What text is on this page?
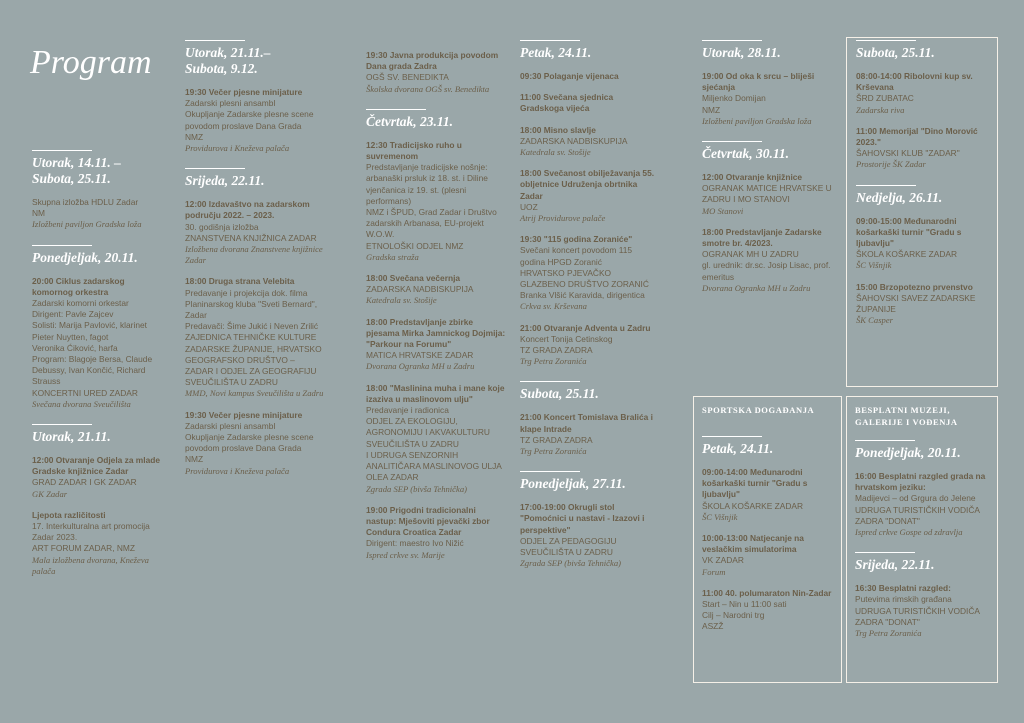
Program
Utorak, 14.11. –
Subota, 25.11.
Skupna izložba HDLU Zadar
NM
Izložbeni paviljon Gradska loža
Ponedjeljak, 20.11.
20:00 Ciklus zadarskog komornog orkestra
Zadarski komorni orkestar
Dirigent: Pavle Zajcev
Solisti: Marija Pavlović, klarinet
Pieter Nuytten, fagot
Veronika Ćiković, harfa
Program: Blagoje Bersa, Claude Debussy, Ivan Končić, Richard Strauss
KONCERTNI URED ZADAR
Svečana dvorana Sveučilišta
Utorak, 21.11.
12:00 Otvaranje Odjela za mlade Gradske knjižnice Zadar
GRAD ZADAR I GK ZADAR
GK Zadar
Ljepota različitosti
17. Interkulturalna art promocija Zadar 2023.
ART FORUM ZADAR, NMZ
Mala izložbena dvorana, Kneževa palača
Utorak, 21.11.–
Subota, 9.12.
19:30 Večer pjesne minijature
Zadarski plesni ansambl
Okupljanje Zadarske plesne scene povodom proslave Dana Grada
NMZ
Providurova i Kneževa palača
Srijeda, 22.11.
12:00 Izdavaštvo na zadarskom području 2022. – 2023.
30. godišnja izložba
ZNANSTVENA KNJIŽNICA ZADAR
Izložbena dvorana Znanstvene knjižnice Zadar
18:00 Druga strana Velebita
Predavanje i projekcija dok. filma Planinarskog kluba "Sveti Bernard", Zadar
Predavači: Šime Jukić i Neven Zrilić
ZAJEDNICA TEHNIČKE KULTURE ZADARSKE ŽUPANIJE, HRVATSKO GEOGRAFSKO DRUŠTVO – ZADAR I ODJEL ZA GEOGRAFIJU SVEUČILIŠTA U ZADRU
MMD, Novi kampus Sveučilišta u Zadru
19:30 Večer pjesne minijature
Zadarski plesni ansambl
Okupljanje Zadarske plesne scene povodom proslave Dana Grada
NMZ
Providurova i Kneževa palača
19:30 Javna produkcija povodom Dana grada Zadra
OGŠ SV. BENEDIKTA
Školska dvorana OGŠ sv. Benedikta
Četvrtak, 23.11.
12:30 Tradicijsko ruho u suvremenom
Predstavljanje tradicijske nošnje: arbanaški prsluk iz 18. st. i Diline vjenčanica iz 19. st. (plesni performans)
NMZ i ŠPUD, Grad Zadar i Društvo zadarskih Arbanasa, EU-projekt W.O.W.
ETNOLOŠKI ODJEL NMZ
Gradska straža
18:00 Svečana večernja
ZADARSKA NADBISKUPIJA
Katedrala sv. Stošije
18:00 Predstavljanje zbirke pjesama Mirka Jamnickog Dojmija: "Parkour na Forumu"
MATICA HRVATSKE ZADAR
Dvorana Ogranka MH u Zadru
18:00 "Maslinina muha i mane koje izaziva u maslinovom ulju"
Predavanje i radionica
ODJEL ZA EKOLOGIJU, AGRONOMIJU I AKVAKULTURU SVEUČILIŠTA U ZADRU
I UDRUGA SENZORNIH ANALITIČARA MASLINOVOG ULJA OLEA ZADAR
Zgrada SEP (bivša Tehnička)
19:00 Prigodni tradicionalni nastup: Mješoviti pjevački zbor Condura Croatica Zadar
Dirigent: maestro Ivo Nižić
Ispred crkve sv. Marije
Petak, 24.11.
09:30 Polaganje vijenaca
11:00 Svečana sjednica Gradskoga vijeća
18:00 Misno slavlje
ZADARSKA NADBISKUPIJA
Katedrala sv. Stošije
18:00 Svečanost obilježavanja 55. obljetnice Udruženja obrtnika Zadar
UOZ
Atrij Providurove palače
19:30 "115 godina Zoraniće"
Svečani koncert povodom 115 godina HPGD Zoranić
HRVATSKO PJEVAČKO GLAZBENO DRUŠTVO ZORANIĆ
Branka Vlšić Karavida, dirigentica
Crkva sv. Krševana
21:00 Otvaranje Adventa u Zadru
Koncert Tonija Cetinskog
TZ GRADA ZADRA
Trg Petra Zoranića
Subota, 25.11.
21:00 Koncert Tomislava Bralića i klape Intrade
TZ GRADA ZADRA
Trg Petra Zoranića
Ponedjeljak, 27.11.
17:00-19:00 Okrugli stol "Pomoćnici u nastavi - Izazovi i perspektive"
ODJEL ZA PEDAGOGIJU SVEUČILIŠTA U ZADRU
Zgrada SEP (bivša Tehnička)
Utorak, 28.11.
19:00 Od oka k srcu – bliješi sjećanja
Miljenko Domijan
NMZ
Izložbeni paviljon Gradska loža
Četvrtak, 30.11.
12:00 Otvaranje knjižnice
OGRANAK MATICE HRVATSKE U ZADRU I MO STANOVI
MO Stanovi
18:00 Predstavljanje Zadarske smotre br. 4/2023.
OGRANAK MH U ZADRU
gl. urednik: dr.sc. Josip Lisac, prof. emeritus
Dvorana Ogranka MH u Zadru
Subota, 25.11.
08:00-14:00 Ribolovni kup sv. Krševana
ŠRD ZUBATAC
Zadarska riva
11:00 Memorijal "Dino Morović 2023."
ŠAHOVSKI KLUB "ZADAR"
Prostorije ŠK Zadar
Nedjelja, 26.11.
09:00-15:00 Međunarodni košarkaški turnir "Gradu s ljubavlju"
ŠKOLA KOŠARKE ZADAR
ŠC Višnjik
15:00 Brzopotezno prvenstvo
ŠAHOVSKI SAVEZ ZADARSKE ŽUPANIJE
ŠK Casper
SPORTSKA DOGAĐANJA
Petak, 24.11.
09:00-14:00 Međunarodni košarkaški turnir "Gradu s ljubavlju"
ŠKOLA KOŠARKE ZADAR
ŠC Višnjik
10:00-13:00 Natjecanje na veslačkim simulatorima
VK ZADAR
Forum
11:00 40. polumaraton Nin-Zadar
Start – Nin u 11:00 sati
Cilj – Narodni trg
ASZŽ
BESPLATNI MUZEJI, GALERIJE I VOĐENJA
Ponedjeljak, 20.11.
16:00 Besplatni razgled grada na hrvatskom jeziku:
Madijevci – od Grgura do Jelene
UDRUGA TURISTIČKIH VODIČA ZADRA "DONAT"
Ispred crkve Gospe od zdravlja
Srijeda, 22.11.
16:30 Besplatni razgled:
Putevima rimskih građana
UDRUGA TURISTIČKIH VODIČA ZADRA "DONAT"
Trg Petra Zoranića
